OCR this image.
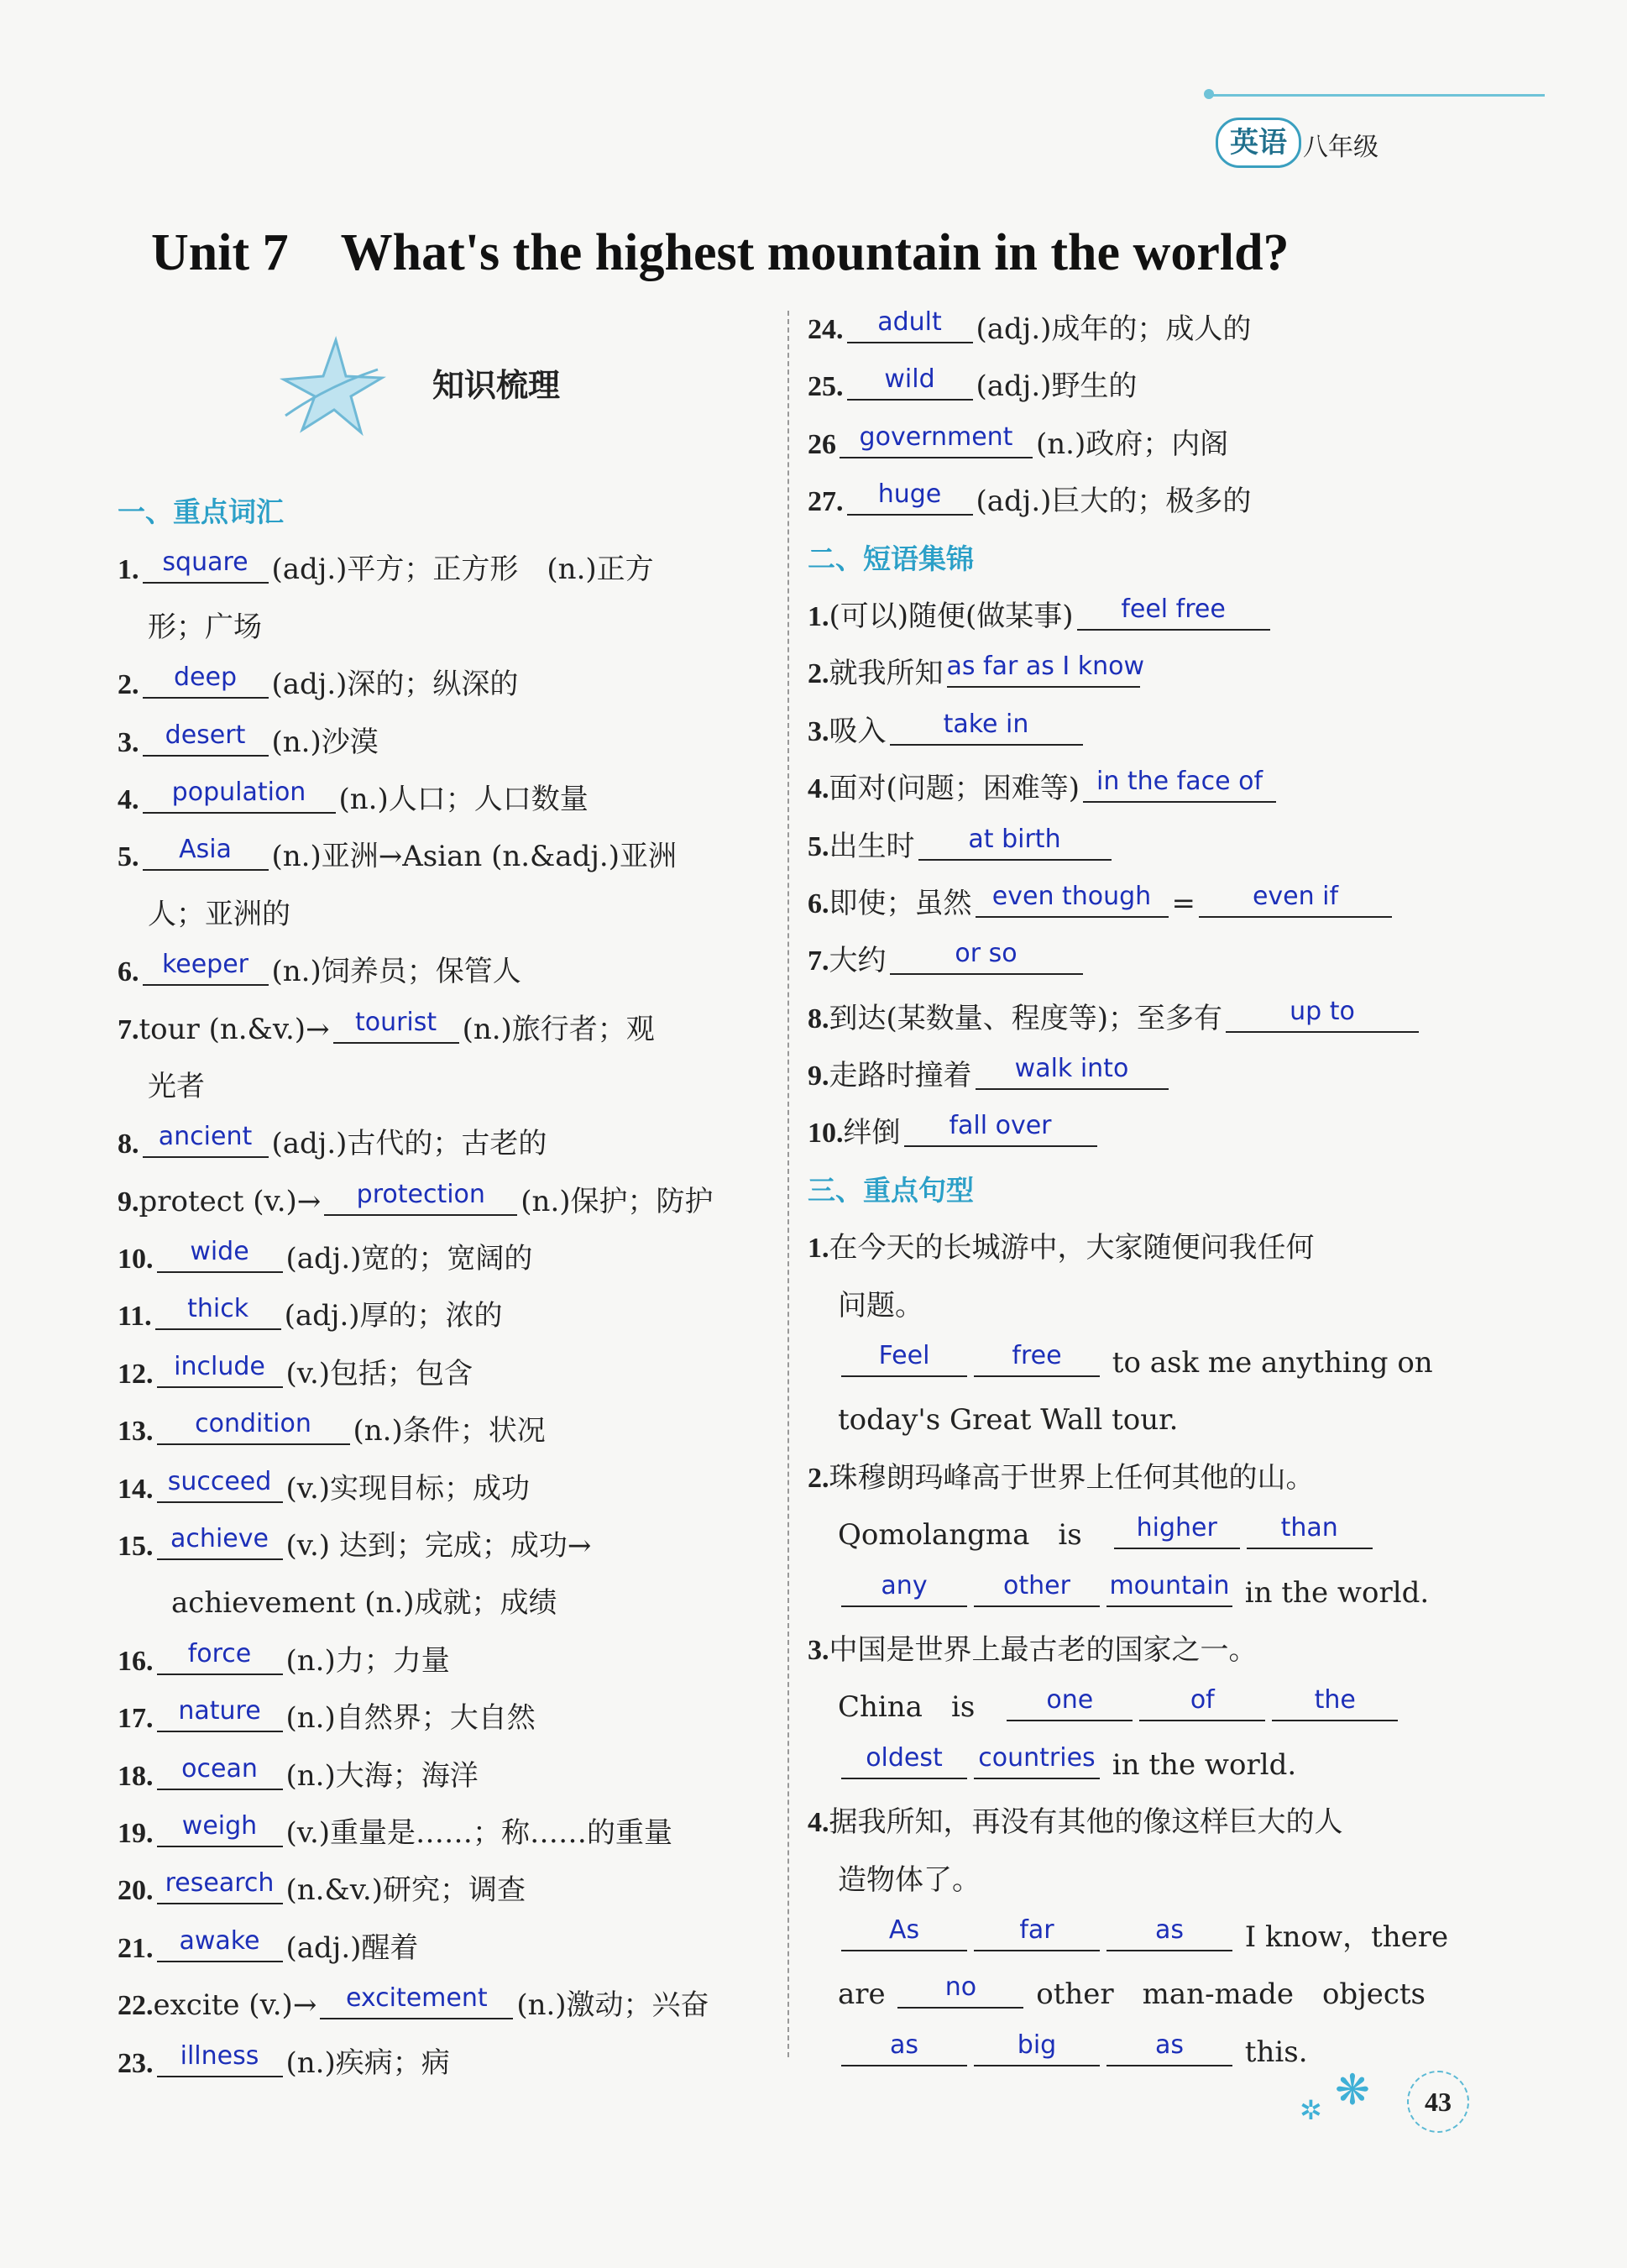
英语 八年级
Unit 7　What's the highest mountain in the world?
知识梳理
一、重点词汇
1. square (adj.)平方；正方形　(n.)正方
形；广场
2.	deep	(adj.)深的；纵深的
3.	desert (n.)沙漠
4.	population	(n.)人口；人口数量
5.	Asia	(n.)亚洲→Asian (n.&adj.)亚洲
人；亚洲的
6. keeper (n.)饲养员；保管人
7.tour (n.&v.)→	tourist (n.)旅行者；观
光者
8. ancient (adj.)古代的；古老的
9.protect (v.)→	protection	(n.)保护；防护
10.	wide	(adj.)宽的；宽阔的
11.	thick	(adj.)厚的；浓的
12. include (v.)包括；包含
13.	condition	(n.)条件；状况
14. succeed (v.)实现目标；成功
15. achieve (v.) 达到；完成；成功→
achievement (n.)成就；成绩
16.	force	(n.)力；力量
17. nature (n.)自然界；大自然
18.	ocean (n.)大海；海洋
19.	weigh	(v.)重量是……；称……的重量
20. research (n.&v.)研究；调查
21.	awake (adj.)醒着
22.excite (v.)→	excitement	(n.)激动；兴奋
23.	illness (n.)疾病；病
24.	adult	(adj.)成年的；成人的
25.	wild	(adj.)野生的
26 government (n.)政府；内阁
27.	huge	(adj.)巨大的；极多的
二、短语集锦
1.(可以)随便(做某事)	feel free
2.就我所知 as far as I know
3.吸入	take in
4.面对(问题；困难等) in the face of
5.出生时	at birth
6.即使；虽然 even though =	even if
7.大约	or so
8.到达(某数量、程度等)；至多有	up to
9.走路时撞着	walk into
10.绊倒	fall over
三、重点句型
1.在今天的长城游中，大家随便问我任何
问题。
Feel	free	to ask me anything on
today's Great Wall tour.
2.珠穆朗玛峰高于世界上任何其他的山。
Qomolangma　is　	higher	than
any	other	mountain in the world.
3.中国是世界上最古老的国家之一。
China　is　	one	of	the
oldest	countries in the world.
4.据我所知，再没有其他的像这样巨大的人
造物体了。
As	far	as	I know，there
are	no	other　man-made　objects
as	big	as	this.
✲ ❋	43
